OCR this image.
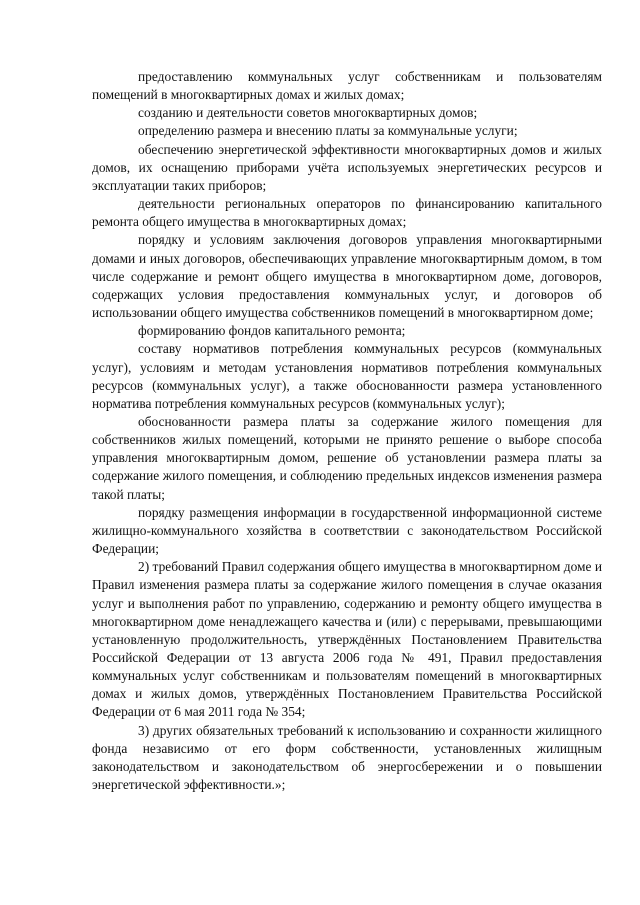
предоставлению коммунальных услуг собственникам и пользователям помещений в многоквартирных домах и жилых домах;

созданию и деятельности советов многоквартирных домов;

определению размера и внесению платы за коммунальные услуги;

обеспечению энергетической эффективности многоквартирных домов и жилых домов, их оснащению приборами учёта используемых энергетических ресурсов и эксплуатации таких приборов;

деятельности региональных операторов по финансированию капитального ремонта общего имущества в многоквартирных домах;

порядку и условиям заключения договоров управления многоквартирными домами и иных договоров, обеспечивающих управление многоквартирным домом, в том числе содержание и ремонт общего имущества в многоквартирном доме, договоров, содержащих условия предоставления коммунальных услуг, и договоров об использовании общего имущества собственников помещений в многоквартирном доме;

формированию фондов капитального ремонта;

составу нормативов потребления коммунальных ресурсов (коммунальных услуг), условиям и методам установления нормативов потребления коммунальных ресурсов (коммунальных услуг), а также обоснованности размера установленного норматива потребления коммунальных ресурсов (коммунальных услуг);

обоснованности размера платы за содержание жилого помещения для собственников жилых помещений, которыми не принято решение о выборе способа управления многоквартирным домом, решение об установлении размера платы за содержание жилого помещения, и соблюдению предельных индексов изменения размера такой платы;

порядку размещения информации в государственной информационной системе жилищно-коммунального хозяйства в соответствии с законодательством Российской Федерации;

2) требований Правил содержания общего имущества в многоквартирном доме и Правил изменения размера платы за содержание жилого помещения в случае оказания услуг и выполнения работ по управлению, содержанию и ремонту общего имущества в многоквартирном доме ненадлежащего качества и (или) с перерывами, превышающими установленную продолжительность, утверждённых Постановлением Правительства Российской Федерации от 13 августа 2006 года № 491, Правил предоставления коммунальных услуг собственникам и пользователям помещений в многоквартирных домах и жилых домов, утверждённых Постановлением Правительства Российской Федерации от 6 мая 2011 года № 354;

3) других обязательных требований к использованию и сохранности жилищного фонда независимо от его форм собственности, установленных жилищным законодательством и законодательством об энергосбережении и о повышении энергетической эффективности.»;
